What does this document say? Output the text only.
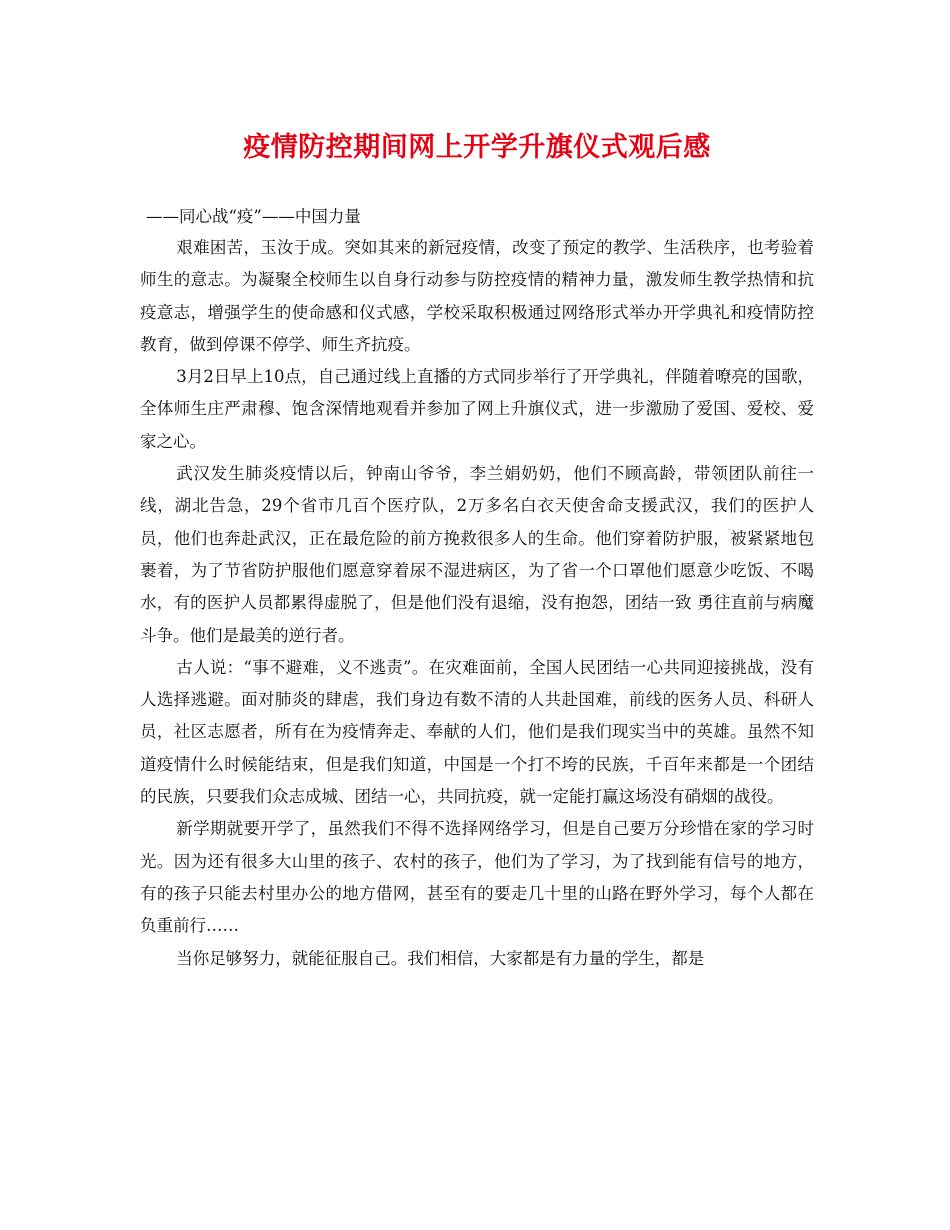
疫情防控期间网上开学升旗仪式观后感

——同心战“疫”——中国力量

艰难困苦，玉汝于成。突如其来的新冠疫情，改变了预定的教学、生活秩序，也考验着师生的意志。为凝聚全校师生以自身行动参与防控疫情的精神力量，激发师生教学热情和抗疫意志，增强学生的使命感和仪式感，学校采取积极通过网络形式举办开学典礼和疫情防控教育，做到停课不停学、师生齐抗疫。

3月2日早上10点，自己通过线上直播的方式同步举行了开学典礼，伴随着嘹亮的国歌，全体师生庄严肃穆、饱含深情地观看并参加了网上升旗仪式，进一步激励了爱国、爱校、爱家之心。

武汉发生肺炎疫情以后，钟南山爷爷，李兰娟奶奶，他们不顾高龄，带领团队前往一线，湖北告急，29个省市几百个医疗队，2万多名白衣天使舍命支援武汉，我们的医护人员，他们也奔赴武汉，正在最危险的前方挽救很多人的生命。他们穿着防护服，被紧紧地包裹着，为了节省防护服他们愿意穿着尿不湿进病区，为了省一个口罩他们愿意少吃饭、不喝水，有的医护人员都累得虚脱了，但是他们没有退缩，没有抱怨，团结一致 勇往直前与病魔斗争。他们是最美的逆行者。

古人说：“事不避难，义不逃责”。在灾难面前，全国人民团结一心共同迎接挑战，没有人选择逃避。面对肺炎的肆虐，我们身边有数不清的人共赴国难，前线的医务人员、科研人员，社区志愿者，所有在为疫情奔走、奉献的人们，他们是我们现实当中的英雄。虽然不知道疫情什么时候能结束，但是我们知道，中国是一个打不垮的民族，千百年来都是一个团结的民族，只要我们众志成城、团结一心，共同抗疫，就一定能打赢这场没有硝烟的战役。

新学期就要开学了，虽然我们不得不选择网络学习，但是自己要万分珍惜在家的学习时光。因为还有很多大山里的孩子、农村的孩子，他们为了学习，为了找到能有信号的地方，有的孩子只能去村里办公的地方借网，甚至有的要走几十里的山路在野外学习，每个人都在负重前行……

当你足够努力，就能征服自己。我们相信，大家都是有力量的学生，都是
